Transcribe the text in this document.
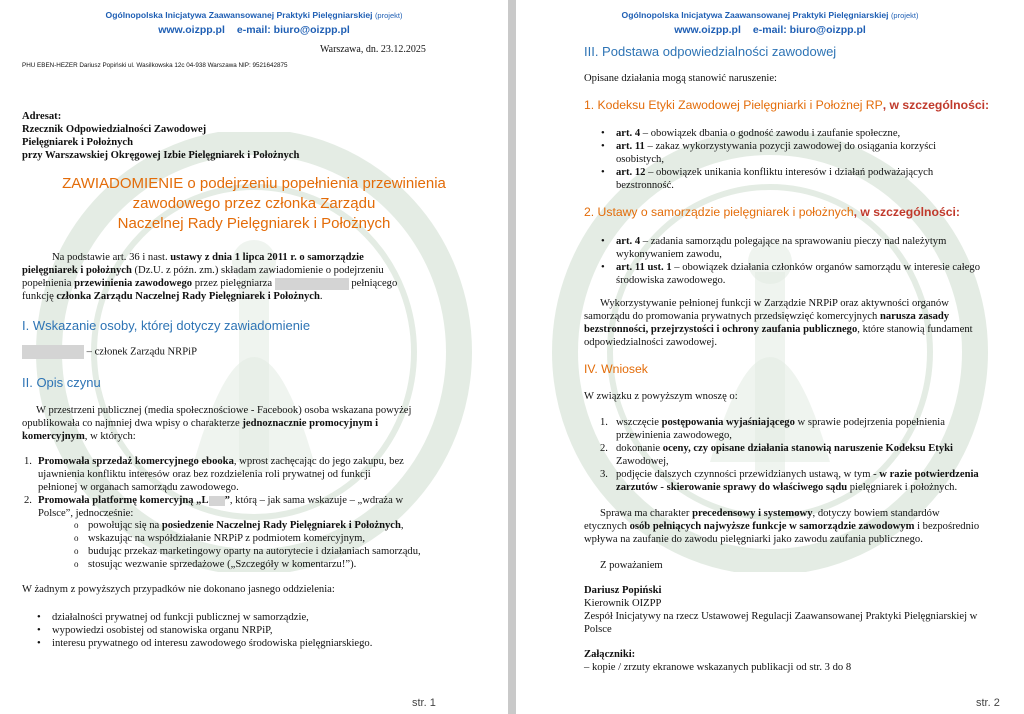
Ogólnopolska Inicjatywa Zaawansowanej Praktyki Pielęgniarskiej (projekt)
www.oizpp.pl e-mail: biuro@oizpp.pl
Warszawa, dn. 23.12.2025
PHU EBEN-HEZER Dariusz Popiński ul. Wasilkowska 12c 04-938 Warszawa NIP: 9521642875
Adresat:
Rzecznik Odpowiedzialności Zawodowej
Pielęgniarek i Położnych
przy Warszawskiej Okręgowej Izbie Pielęgniarek i Położnych
ZAWIADOMIENIE o podejrzeniu popełnienia przewinienia
zawodowego przez członka Zarządu
Naczelnej Rady Pielęgniarek i Położnych
Na podstawie art. 36 i nast. ustawy z dnia 1 lipca 2011 r. o samorządzie
pielęgniarek i położnych (Dz.U. z późn. zm.) składam zawiadomienie o podejrzeniu
popełnienia przewinienia zawodowego przez pielęgniarza	pełniącego
funkcję członka Zarządu Naczelnej Rady Pielęgniarek i Położnych.
I. Wskazanie osoby, której dotyczy zawiadomienie
– członek Zarządu NRPiP
II. Opis czynu
W przestrzeni publicznej (media społecznościowe - Facebook) osoba wskazana powyżej
opublikowała co najmniej dwa wpisy o charakterze jednoznacznie promocyjnym i
komercyjnym, w których:
1. Promowała sprzedaż komercyjnego ebooka, wprost zachęcając do jego zakupu, bez
ujawnienia konfliktu interesów oraz bez rozdzielenia roli prywatnej od funkcji
pełnionej w organach samorządu zawodowego.
2. Promowała platformę komercyjną „L ”, którą – jak sama wskazuje – „wdraża w
Polsce”, jednocześnie:
o powołując się na posiedzenie Naczelnej Rady Pielęgniarek i Położnych,
o wskazując na współdziałanie NRPiP z podmiotem komercyjnym,
o budując przekaz marketingowy oparty na autorytecie i działaniach samorządu,
o stosując wezwanie sprzedażowe („Szczegóły w komentarzu!”).
W żadnym z powyższych przypadków nie dokonano jasnego oddzielenia:
• działalności prywatnej od funkcji publicznej w samorządzie,
• wypowiedzi osobistej od stanowiska organu NRPiP,
• interesu prywatnego od interesu zawodowego środowiska pielęgniarskiego.
str. 1
Ogólnopolska Inicjatywa Zaawansowanej Praktyki Pielęgniarskiej (projekt)
www.oizpp.pl e-mail: biuro@oizpp.pl
III. Podstawa odpowiedzialności zawodowej
Opisane działania mogą stanowić naruszenie:
1. Kodeksu Etyki Zawodowej Pielęgniarki i Położnej RP, w szczególności:
• art. 4 – obowiązek dbania o godność zawodu i zaufanie społeczne,
• art. 11 – zakaz wykorzystywania pozycji zawodowej do osiągania korzyści
osobistych,
• art. 12 – obowiązek unikania konfliktu interesów i działań podważających
bezstronność.
2. Ustawy o samorządzie pielęgniarek i położnych, w szczególności:
• art. 4 – zadania samorządu polegające na sprawowaniu pieczy nad należytym
wykonywaniem zawodu,
• art. 11 ust. 1 – obowiązek działania członków organów samorządu w interesie całego
środowiska zawodowego.
Wykorzystywanie pełnionej funkcji w Zarządzie NRPiP oraz aktywności organów
samorządu do promowania prywatnych przedsięwzięć komercyjnych narusza zasady
bezstronności, przejrzystości i ochrony zaufania publicznego, które stanowią fundament
odpowiedzialności zawodowej.
IV. Wniosek
W związku z powyższym wnoszę o:
1. wszczęcie postępowania wyjaśniającego w sprawie podejrzenia popełnienia
przewinienia zawodowego,
2. dokonanie oceny, czy opisane działania stanowią naruszenie Kodeksu Etyki
Zawodowej,
3. podjęcie dalszych czynności przewidzianych ustawą, w tym - w razie potwierdzenia
zarzutów - skierowanie sprawy do właściwego sądu pielęgniarek i położnych.
Sprawa ma charakter precedensowy i systemowy, dotyczy bowiem standardów
etycznych osób pełniących najwyższe funkcje w samorządzie zawodowym i bezpośrednio
wpływa na zaufanie do zawodu pielęgniarki jako zawodu zaufania publicznego.
Z poważaniem
Dariusz Popiński
Kierownik OIZPP
Zespół Inicjatywy na rzecz Ustawowej Regulacji Zaawansowanej Praktyki Pielęgniarskiej w
Polsce
Załączniki:
– kopie / zrzuty ekranowe wskazanych publikacji od str. 3 do 8
str. 2
